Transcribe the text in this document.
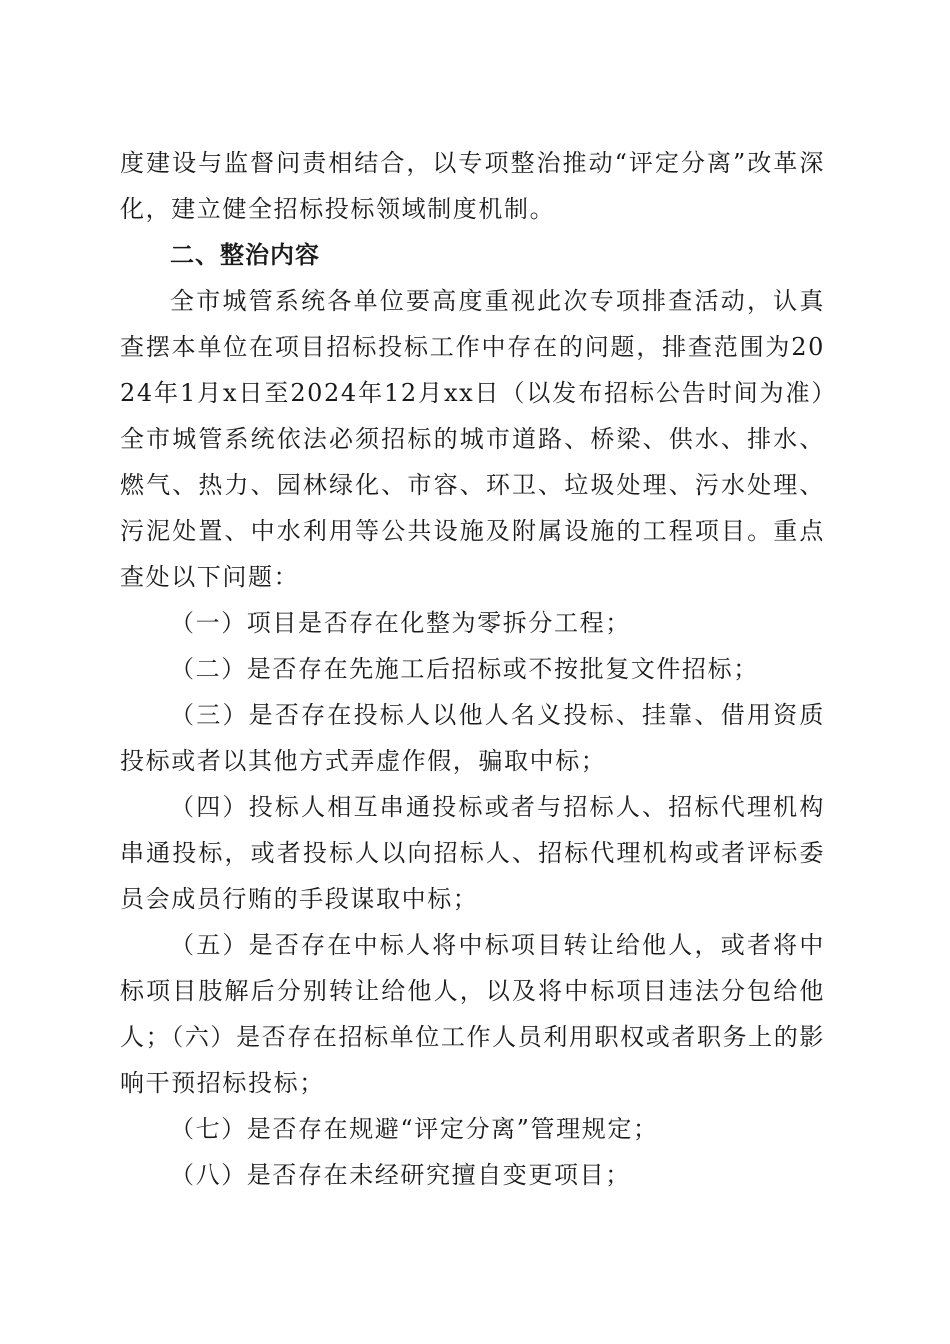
度建设与监督问责相结合，以专项整治推动“评定分离”改革深化，建立健全招标投标领域制度机制。

二、整治内容

全市城管系统各单位要高度重视此次专项排查活动，认真查摆本单位在项目招标投标工作中存在的问题，排查范围为2024年1月x日至2024年12月xx日（以发布招标公告时间为准）全市城管系统依法必须招标的城市道路、桥梁、供水、排水、燃气、热力、园林绿化、市容、环卫、垃圾处理、污水处理、污泥处置、中水利用等公共设施及附属设施的工程项目。重点查处以下问题：

（一）项目是否存在化整为零拆分工程；

（二）是否存在先施工后招标或不按批复文件招标；

（三）是否存在投标人以他人名义投标、挂靠、借用资质投标或者以其他方式弄虚作假，骗取中标；

（四）投标人相互串通投标或者与招标人、招标代理机构串通投标，或者投标人以向招标人、招标代理机构或者评标委员会成员行贿的手段谋取中标；

（五）是否存在中标人将中标项目转让给他人，或者将中标项目肢解后分别转让给他人，以及将中标项目违法分包给他人；（六）是否存在招标单位工作人员利用职权或者职务上的影响干预招标投标；

（七）是否存在规避“评定分离”管理规定；

（八）是否存在未经研究擅自变更项目；
